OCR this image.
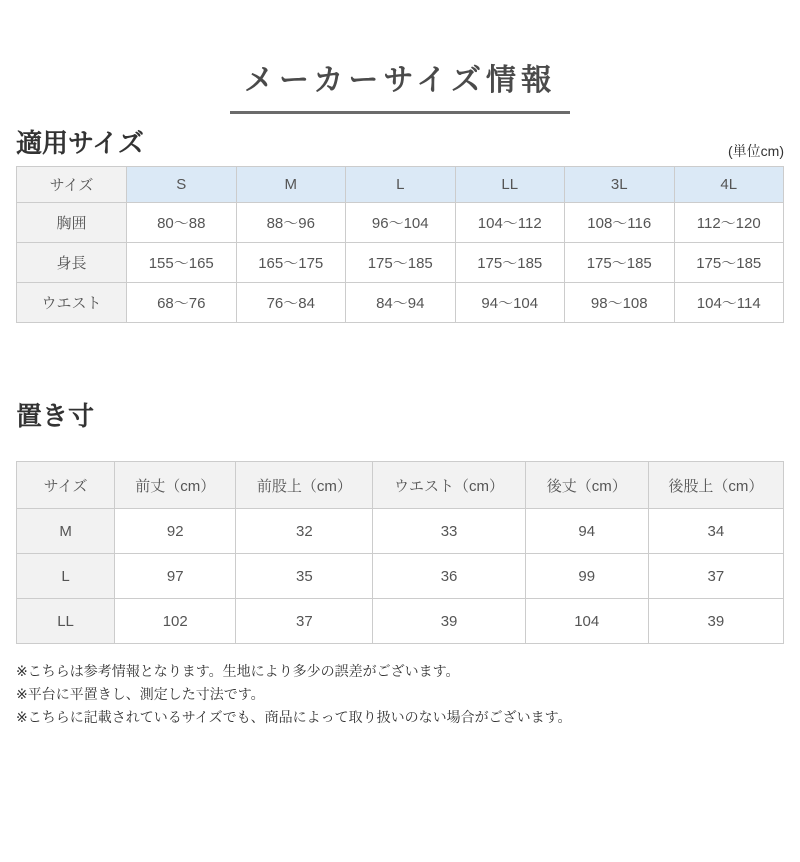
メーカーサイズ情報
適用サイズ	(単位cm)
サイズ	S	M	L	LL	3L	4L
胸囲	80〜88	88〜96	96〜104	104〜112	108〜116	112〜120
身長	155〜165	165〜175	175〜185	175〜185	175〜185	175〜185
ウエスト	68〜76	76〜84	84〜94	94〜104	98〜108	104〜114
置き寸
サイズ	前丈（cm）	前股上（cm）	ウエスト（cm）	後丈（cm）	後股上（cm）
M	92	32	33	94	34
L	97	35	36	99	37
LL	102	37	39	104	39
※こちらは参考情報となります。生地により多少の誤差がございます。
※平台に平置きし、測定した寸法です。
※こちらに記載されているサイズでも、商品によって取り扱いのない場合がございます。
